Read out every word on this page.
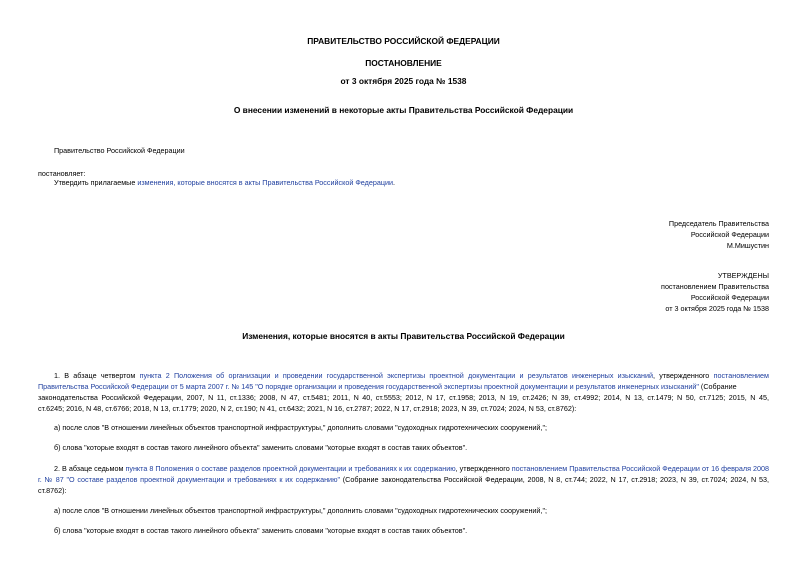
ПРАВИТЕЛЬСТВО РОССИЙСКОЙ ФЕДЕРАЦИИ
ПОСТАНОВЛЕНИЕ
от 3 октября 2025 года № 1538
О внесении изменений в некоторые акты Правительства Российской Федерации
Правительство Российской Федерации
постановляет:
Утвердить прилагаемые изменения, которые вносятся в акты Правительства Российской Федерации.
Председатель Правительства
Российской Федерации
М.Мишустин
УТВЕРЖДЕНЫ
постановлением Правительства
Российской Федерации
от 3 октября 2025 года № 1538
Изменения, которые вносятся в акты Правительства Российской Федерации
1. В абзаце четвертом пункта 2 Положения об организации и проведении государственной экспертизы проектной документации и результатов инженерных изысканий, утвержденного постановлением
Правительства Российской Федерации от 5 марта 2007 г. № 145 "О порядке организации и проведения государственной экспертизы проектной документации и результатов инженерных изысканий" (Собрание
законодательства Российской Федерации, 2007, N 11, ст.1336; 2008, N 47, ст.5481; 2011, N 40, ст.5553; 2012, N 17, ст.1958; 2013, N 19, ст.2426; N 39, ст.4992; 2014, N 13, ст.1479; N 50, ст.7125; 2015, N 45,
ст.6245; 2016, N 48, ст.6766; 2018, N 13, ст.1779; 2020, N 2, ст.190; N 41, ст.6432; 2021, N 16, ст.2787; 2022, N 17, ст.2918; 2023, N 39, ст.7024; 2024, N 53, ст.8762):
а) после слов "В отношении линейных объектов транспортной инфраструктуры," дополнить словами "судоходных гидротехнических сооружений,";
б) слова "которые входят в состав такого линейного объекта" заменить словами "которые входят в состав таких объектов".
2. В абзаце седьмом пункта 8 Положения о составе разделов проектной документации и требованиях к их содержанию, утвержденного постановлением Правительства Российской Федерации от 16 февраля 2008
г. № 87 "О составе разделов проектной документации и требованиях к их содержанию" (Собрание законодательства Российской Федерации, 2008, N 8, ст.744; 2022, N 17, ст.2918; 2023, N 39, ст.7024; 2024, N 53,
ст.8762):
а) после слов "В отношении линейных объектов транспортной инфраструктуры," дополнить словами "судоходных гидротехнических сооружений,";
б) слова "которые входят в состав такого линейного объекта" заменить словами "которые входят в состав таких объектов".
